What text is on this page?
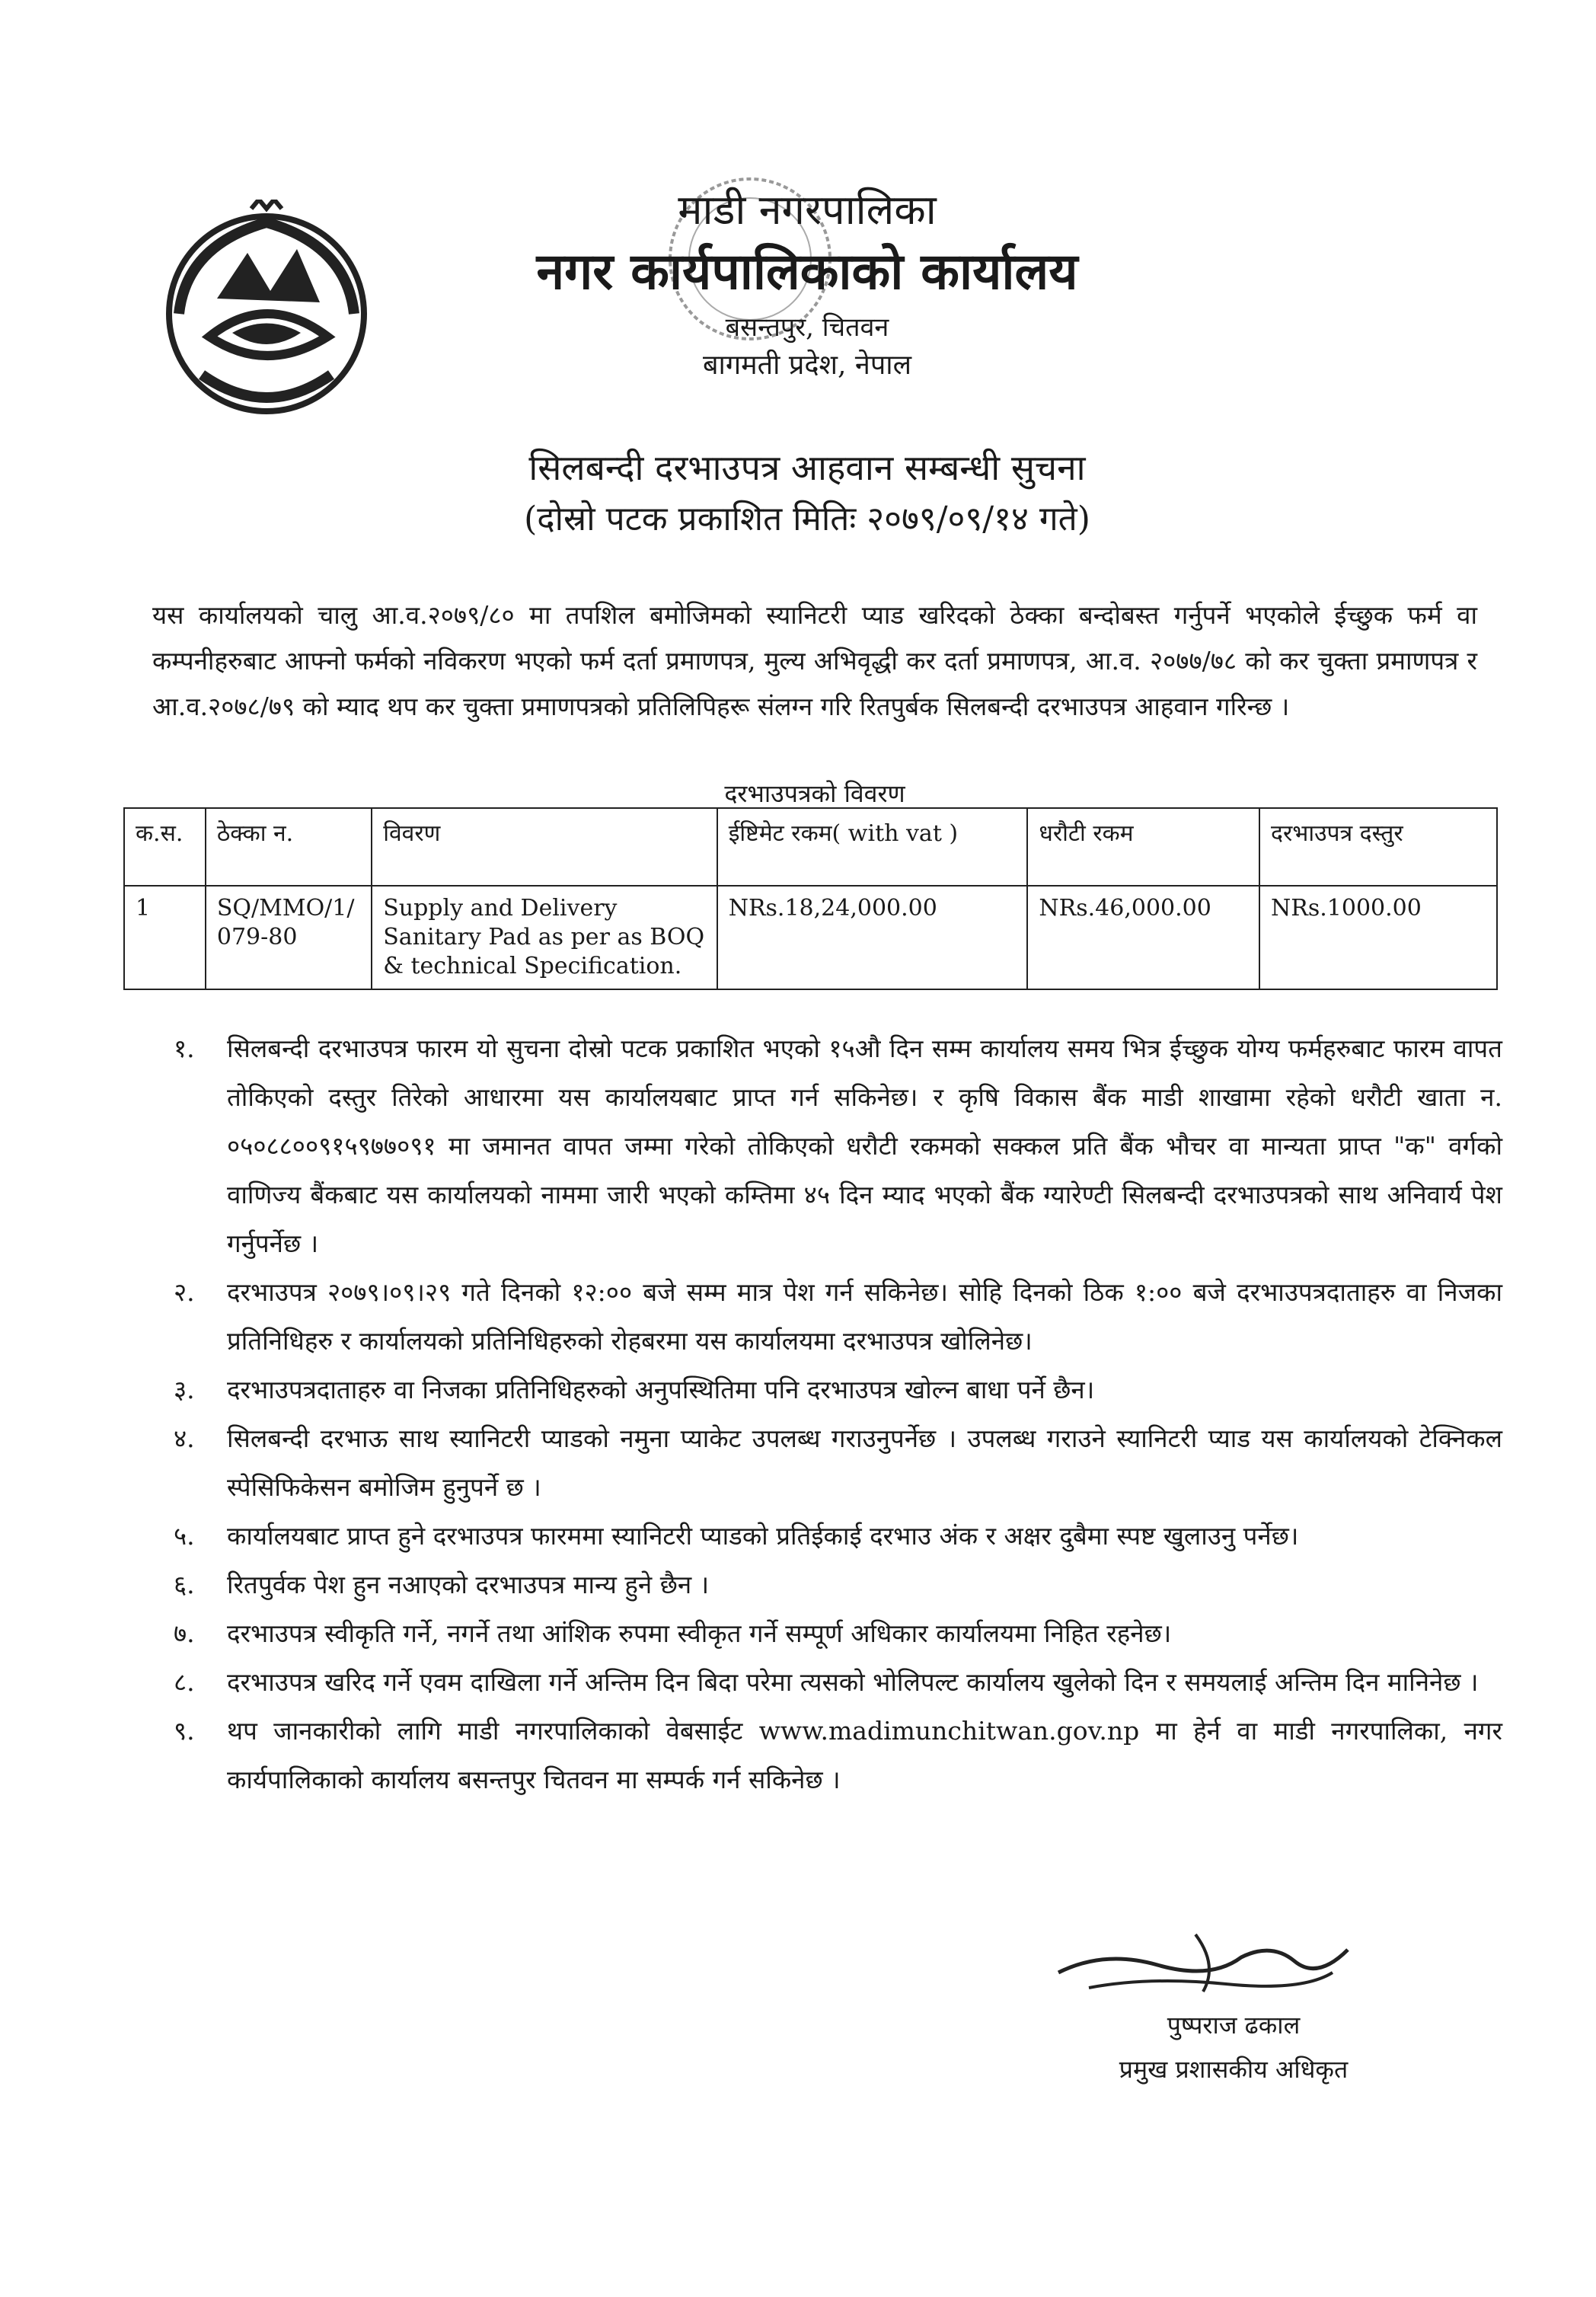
माडी नगरपालिका
नगर कार्यपालिकाको कार्यालय
बसन्तपुर, चितवन
बागमती प्रदेश, नेपाल
सिलबन्दी दरभाउपत्र आहवान सम्बन्धी सुचना
(दोस्रो पटक प्रकाशित मितिः २०७९/०९/१४ गते)
यस कार्यालयको चालु आ.व.२०७९/८० मा तपशिल बमोजिमको स्यानिटरी प्याड खरिदको ठेक्का बन्दोबस्त गर्नुपर्ने भएकोले ईच्छुक फर्म वा कम्पनीहरुबाट आफ्नो फर्मको नविकरण भएको फर्म दर्ता प्रमाणपत्र, मुल्य अभिवृद्धी कर दर्ता प्रमाणपत्र, आ.व. २०७७/७८ को कर चुक्ता प्रमाणपत्र र आ.व.२०७८/७९ को म्याद थप कर चुक्ता प्रमाणपत्रको प्रतिलिपिहरू संलग्न गरि रितपुर्बक सिलबन्दी दरभाउपत्र आहवान गरिन्छ ।
दरभाउपत्रको विवरण
क.स.	ठेक्का न.	विवरण	ईष्टिमेट रकम( with vat )	धरौटी रकम	दरभाउपत्र दस्तुर
1	SQ/MMO/1/ 079-80	Supply and Delivery Sanitary Pad as per as BOQ & technical Specification.	NRs.18,24,000.00	NRs.46,000.00	NRs.1000.00
१.	सिलबन्दी दरभाउपत्र फारम यो सुचना दोस्रो पटक प्रकाशित भएको १५औ दिन सम्म कार्यालय समय भित्र ईच्छुक योग्य फर्महरुबाट फारम वापत तोकिएको दस्तुर तिरेको आधारमा यस कार्यालयबाट प्राप्त गर्न सकिनेछ। र कृषि विकास बैंक माडी शाखामा रहेको धरौटी खाता न. ०५०८८००९१५९७७०९१ मा जमानत वापत जम्मा गरेको तोकिएको धरौटी रकमको सक्कल प्रति बैंक भौचर वा मान्यता प्राप्त "क" वर्गको वाणिज्य बैंकबाट यस कार्यालयको नाममा जारी भएको कम्तिमा ४५ दिन म्याद भएको बैंक ग्यारेण्टी सिलबन्दी दरभाउपत्रको साथ अनिवार्य पेश गर्नुपर्नेछ ।
२.	दरभाउपत्र २०७९।०९।२९ गते दिनको १२:०० बजे सम्म मात्र पेश गर्न सकिनेछ। सोहि दिनको ठिक १:०० बजे दरभाउपत्रदाताहरु वा निजका प्रतिनिधिहरु र कार्यालयको प्रतिनिधिहरुको रोहबरमा यस कार्यालयमा दरभाउपत्र खोलिनेछ।
३.	दरभाउपत्रदाताहरु वा निजका प्रतिनिधिहरुको अनुपस्थितिमा पनि दरभाउपत्र खोल्न बाधा पर्ने छैन।
४.	सिलबन्दी दरभाऊ साथ स्यानिटरी प्याडको नमुना प्याकेट उपलब्ध गराउनुपर्नेछ । उपलब्ध गराउने स्यानिटरी प्याड यस कार्यालयको टेक्निकल स्पेसिफिकेसन बमोजिम हुनुपर्ने छ ।
५.	कार्यालयबाट प्राप्त हुने दरभाउपत्र फारममा स्यानिटरी प्याडको प्रतिईकाई दरभाउ अंक र अक्षर दुबैमा स्पष्ट खुलाउनु पर्नेछ।
६.	रितपुर्वक पेश हुन नआएको दरभाउपत्र मान्य हुने छैन ।
७.	दरभाउपत्र स्वीकृति गर्ने, नगर्ने तथा आंशिक रुपमा स्वीकृत गर्ने सम्पूर्ण अधिकार कार्यालयमा निहित रहनेछ।
८.	दरभाउपत्र खरिद गर्ने एवम दाखिला गर्ने अन्तिम दिन बिदा परेमा त्यसको भोलिपल्ट कार्यालय खुलेको दिन र समयलाई अन्तिम दिन मानिनेछ ।
९.	थप जानकारीको लागि माडी नगरपालिकाको वेबसाईट www.madimunchitwan.gov.np मा हेर्न वा माडी नगरपालिका, नगर कार्यपालिकाको कार्यालय बसन्तपुर चितवन मा सम्पर्क गर्न सकिनेछ ।
पुष्पराज ढकाल
प्रमुख प्रशासकीय अधिकृत
